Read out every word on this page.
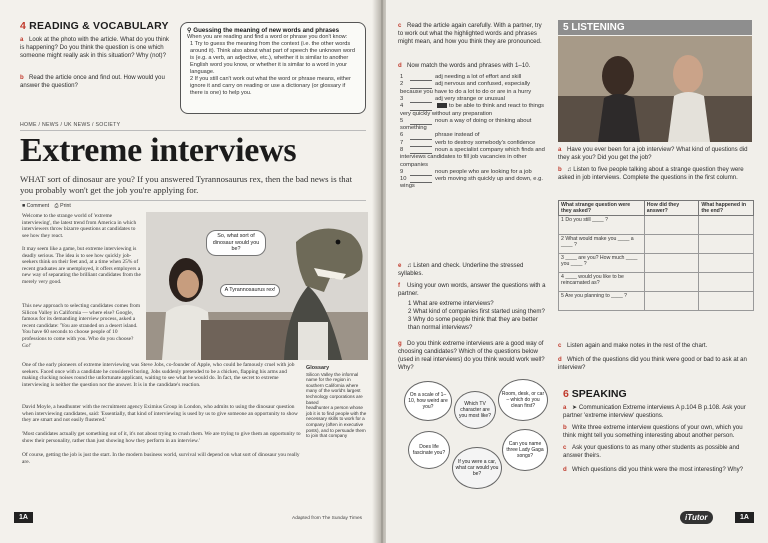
4 READING & VOCABULARY
a Look at the photo with the article. What do you think is happening? Do you think the question is one which someone might really ask in this situation? Why (not)?
b Read the article once and find out. How would you answer the question?
⚲ Guessing the meaning of new words and phrases
When you are reading and find a word or phrase you don't know:
1 Try to guess the meaning from the context (i.e. the other words around it). Think also about what part of speech the unknown word is (e.g. a verb, an adjective, etc.), whether it is similar to another English word you know, or whether it is similar to a word in your language.
2 If you still can't work out what the word or phrase means, either ignore it and carry on reading or use a dictionary (or glossary if there is one) to help you.
HOME / NEWS / UK NEWS / SOCIETY
Extreme interviews
WHAT sort of dinosaur are you? If you answered Tyrannosaurus rex, then the bad news is that you probably won't get the job you're applying for.
■ Comment ⎙ Print
Welcome to the strange world of 'extreme interviewing', the latest trend from America in which interviewers throw bizarre questions at candidates to see how they react.
It may seem like a game, but extreme interviewing is deadly serious. The idea is to see how quickly job-seekers think on their feet and, at a time when 25% of recent graduates are unemployed, it offers employers a new way of separating the brilliant candidates from the merely very good.
This new approach to selecting candidates comes from Silicon Valley in California — where else? Google, famous for its demanding interview process, asked a recent candidate: 'You are stranded on a desert island. You have 60 seconds to choose people of 10 professions to come with you. Who do you choose? Go!'
So, what sort of dinosaur would you be?
A Tyrannosaurus rex!
One of the early pioneers of extreme interviewing was Steve Jobs, co-founder of Apple, who could be famously cruel with job seekers. Faced once with a candidate he considered boring, Jobs suddenly pretended to be a chicken, flapping his arms and making clucking noises round the unfortunate applicant, waiting to see what he would do. In fact, the secret to extreme interviewing is neither the question nor the answer. It is in the candidate's reaction.
David Moyle, a headhunter with the recruitment agency Eximius Group in London, who admits to using the dinosaur question when interviewing candidates, said: 'Essentially, that kind of interviewing is used by us to give someone an opportunity to show they are smart and not easily flustered.'
'Most candidates actually get something out of it, it's not about trying to crush them. We are trying to give them an opportunity to show their personality, rather than just showing how they perform in an interview.'
Of course, getting the job is just the start. In the modern business world, survival will depend on what sort of dinosaur you really are.
Glossary
Silicon Valley the informal name for the region in southern California where many of the world's largest technology corporations are based
headhunter a person whose job it is to find people with the necessary skills to work for a company (often in executive posts), and to persuade them to join that company
1A	Adapted from The Sunday Times
c Read the article again carefully. With a partner, try to work out what the highlighted words and phrases might mean, and how you think they are pronounced.
d Now match the words and phrases with 1–10.
1	adj needing a lot of effort and skill
2	adj nervous and confused, especially because you have to do a lot to do or are in a hurry
3	adj very strange or unusual
4	to be able to think and react to things very quickly without any preparation
5	noun a way of doing or thinking about something
6	phrase instead of
7	verb to destroy somebody's confidence
8	noun a specialist company which finds and interviews candidates to fill job vacancies in other companies
9	noun people who are looking for a job
10	verb moving sth quickly up and down, e.g. wings
e ♫ Listen and check. Underline the stressed syllables.
f Using your own words, answer the questions with a partner.
1 What are extreme interviews?
2 What kind of companies first started using them?
3 Why do some people think that they are better than normal interviews?
g Do you think extreme interviews are a good way of choosing candidates? Which of the questions below (used in real interviews) do you think would work well? Why?
On a scale of 1–10, how weird are you?	Which TV character are you most like?
Room, desk, or car – which do you clean first?
Does life fascinate you?
If you were a car, what car would you be?
Can you name three Lady Gaga songs?
5 LISTENING
a Have you ever been for a job interview? What kind of questions did they ask you? Did you get the job?
b ♫ Listen to five people talking about a strange question they were asked in job interviews. Complete the questions in the first column.
What strange question were they asked?	How did they answer?	What happened in the end?
1 Do you still ____ ?		
2 What would make you ____ a ____ ?		
3 ____ are you? How much ____ you ____ ?		
4 ____ would you like to be reincarnated as?		
5 Are you planning to ____ ?		
c Listen again and make notes in the rest of the chart.
d Which of the questions did you think were good or bad to ask at an interview?
6 SPEAKING
a ➤ Communication Extreme interviews A p.104 B p.108. Ask your partner 'extreme interview' questions.
b Write three extreme interview questions of your own, which you think might tell you something interesting about another person.
c Ask your questions to as many other students as possible and answer theirs.
d Which questions did you think were the most interesting? Why?
iTutor	1A
